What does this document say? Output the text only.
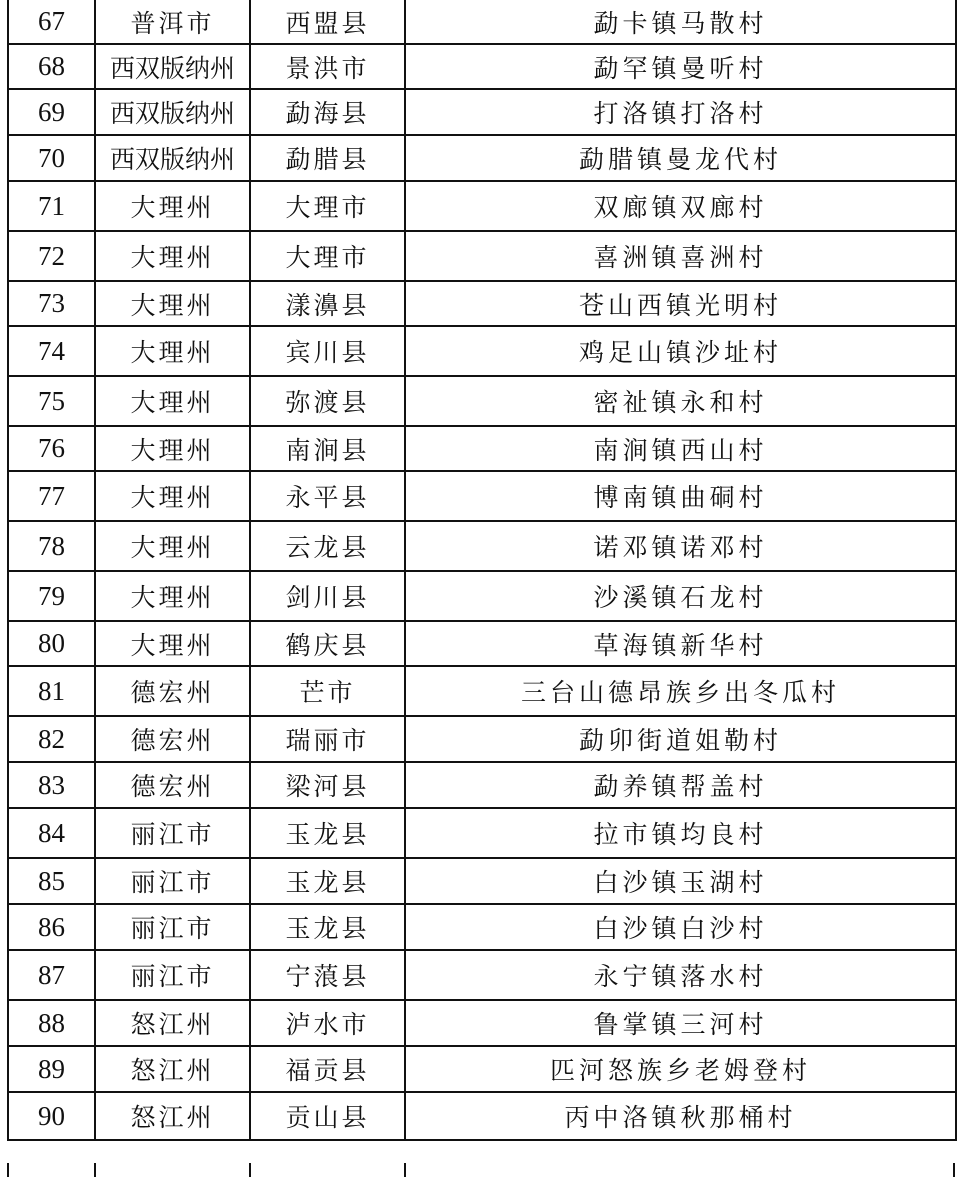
67	普洱市	西盟县	勐卡镇马散村
68	西双版纳州	景洪市	勐罕镇曼听村
69	西双版纳州	勐海县	打洛镇打洛村
70	西双版纳州	勐腊县	勐腊镇曼龙代村
71	大理州	大理市	双廊镇双廊村
72	大理州	大理市	喜洲镇喜洲村
73	大理州	漾濞县	苍山西镇光明村
74	大理州	宾川县	鸡足山镇沙址村
75	大理州	弥渡县	密祉镇永和村
76	大理州	南涧县	南涧镇西山村
77	大理州	永平县	博南镇曲硐村
78	大理州	云龙县	诺邓镇诺邓村
79	大理州	剑川县	沙溪镇石龙村
80	大理州	鹤庆县	草海镇新华村
81	德宏州	芒市	三台山德昂族乡出冬瓜村
82	德宏州	瑞丽市	勐卯街道姐勒村
83	德宏州	梁河县	勐养镇帮盖村
84	丽江市	玉龙县	拉市镇均良村
85	丽江市	玉龙县	白沙镇玉湖村
86	丽江市	玉龙县	白沙镇白沙村
87	丽江市	宁蒗县	永宁镇落水村
88	怒江州	泸水市	鲁掌镇三河村
89	怒江州	福贡县	匹河怒族乡老姆登村
90	怒江州	贡山县	丙中洛镇秋那桶村
